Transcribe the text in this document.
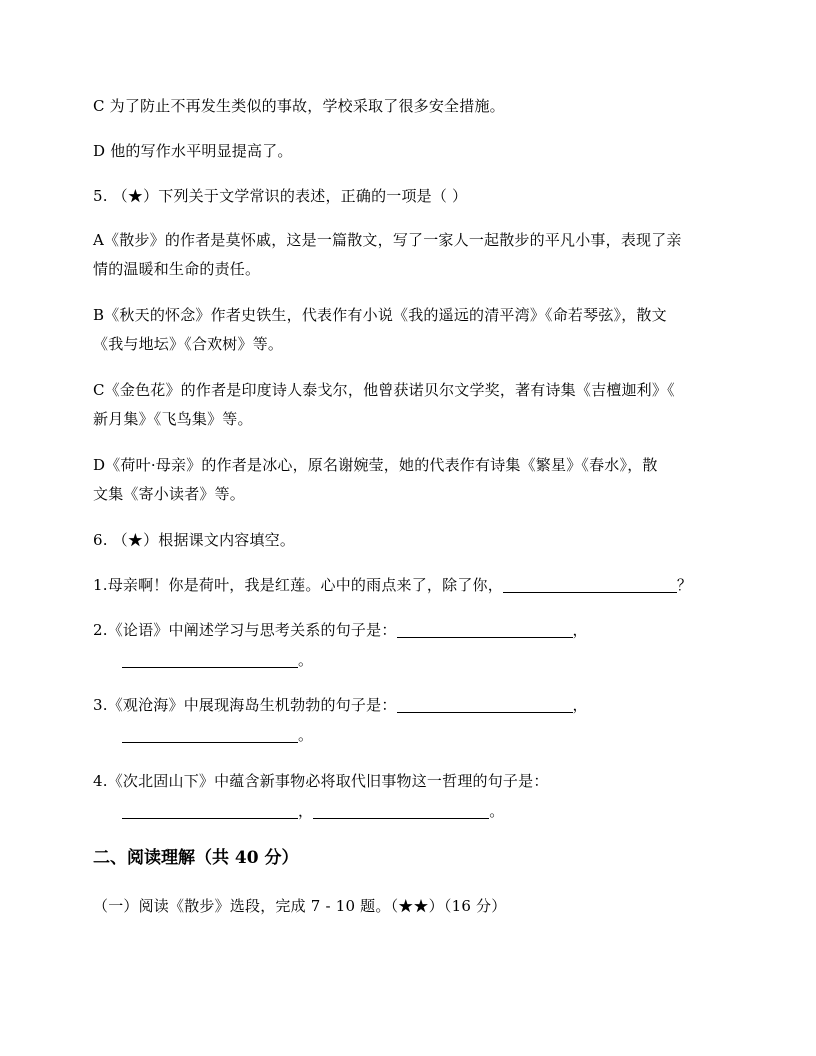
C 为了防止不再发生类似的事故，学校采取了很多安全措施。
D 他的写作水平明显提高了。
5. （★）下列关于文学常识的表述，正确的一项是（ ）
A《散步》的作者是莫怀戚，这是一篇散文，写了一家人一起散步的平凡小事，表现了亲
情的温暖和生命的责任。
B《秋天的怀念》作者史铁生，代表作有小说《我的遥远的清平湾》《命若琴弦》，散文
《我与地坛》《合欢树》等。
C《金色花》的作者是印度诗人泰戈尔，他曾获诺贝尔文学奖，著有诗集《吉檀迦利》《
新月集》《飞鸟集》等。
D《荷叶·母亲》的作者是冰心，原名谢婉莹，她的代表作有诗集《繁星》《春水》，散
文集《寄小读者》等。
6. （★）根据课文内容填空。
1.母亲啊！你是荷叶，我是红莲。心中的雨点来了，除了你，	？
2.《论语》中阐述学习与思考关系的句子是：	，
。
3.《观沧海》中展现海岛生机勃勃的句子是：	，
。
4.《次北固山下》中蕴含新事物必将取代旧事物这一哲理的句子是：
，	。
二、阅读理解（共 40 分）
（一）阅读《散步》选段，完成 7 - 10 题。（★★）（16 分）
